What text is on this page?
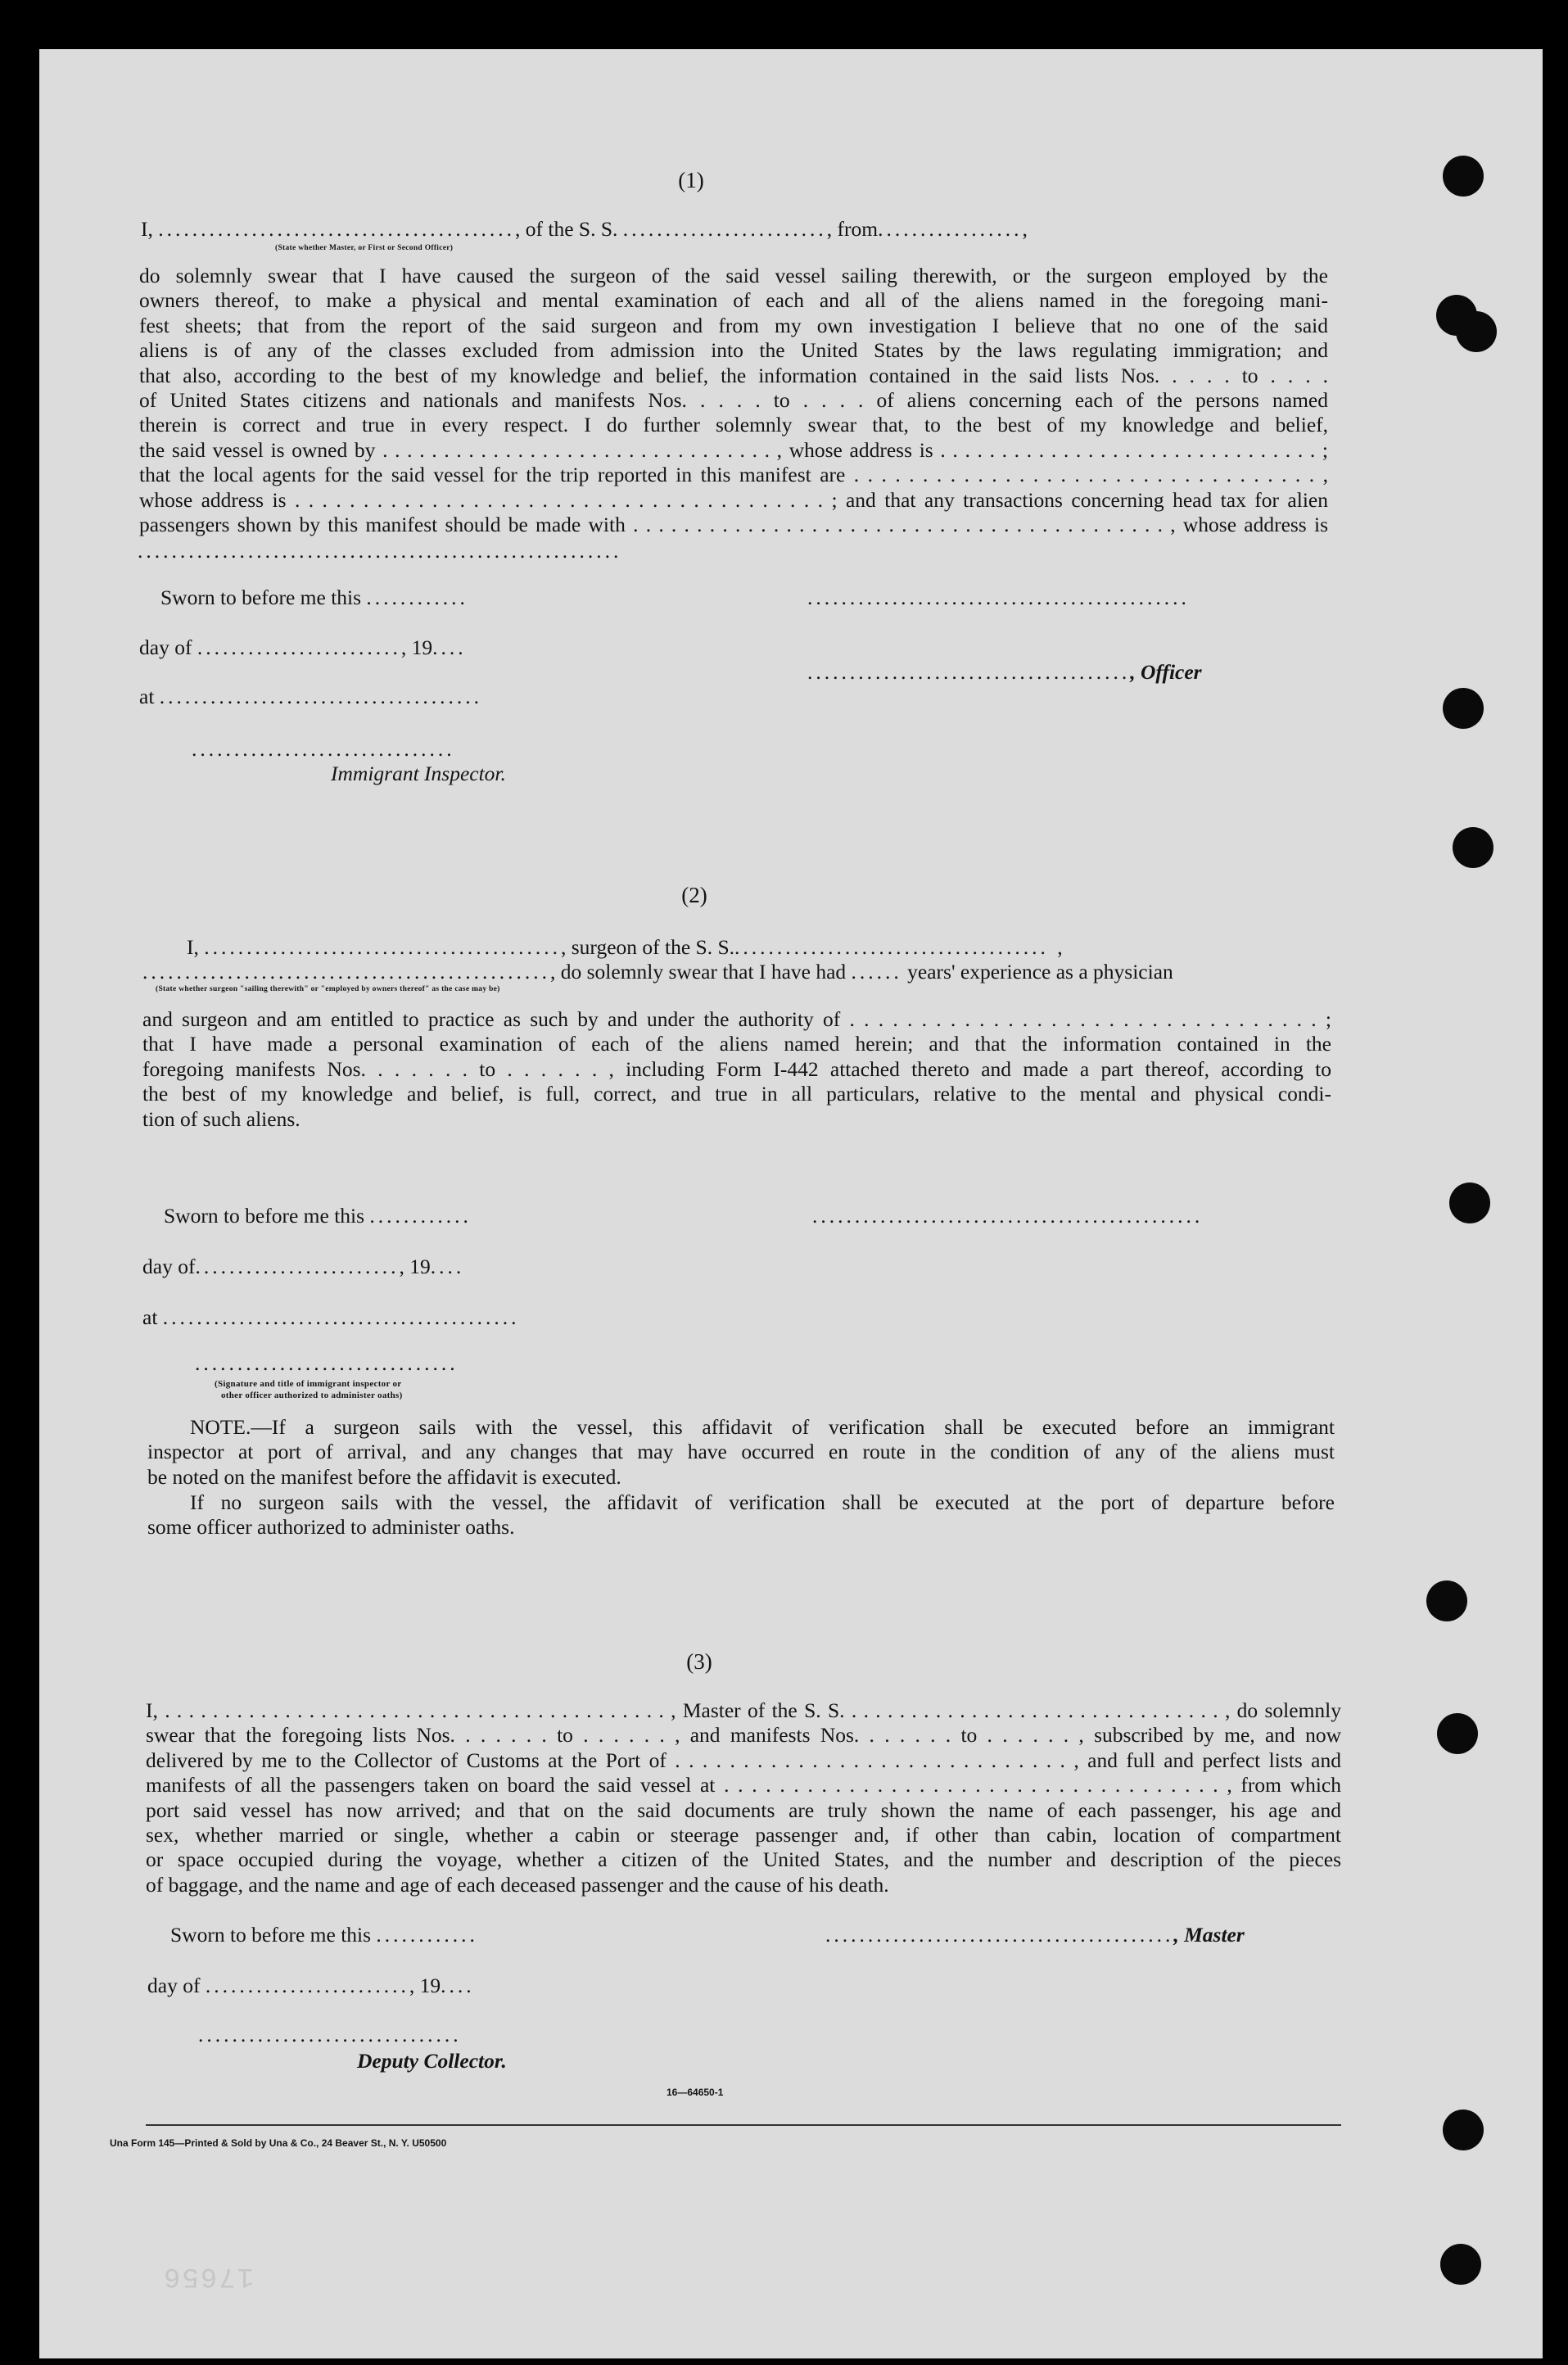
(1)
I, .........................................., of the S. S. ........................, from.................,
(State whether Master, or First or Second Officer)
do solemnly swear that I have caused the surgeon of the said vessel sailing therewith, or the surgeon employed by the
owners thereof, to make a physical and mental examination of each and all of the aliens named in the foregoing mani-
fest sheets; that from the report of the said surgeon and from my own investigation I believe that no one of the said
aliens is of any of the classes excluded from admission into the United States by the laws regulating immigration; and
that also, according to the best of my knowledge and belief, the information contained in the said lists Nos. . . . . to . . . .
of United States citizens and nationals and manifests Nos. . . . . to . . . . of aliens concerning each of the persons named
therein is correct and true in every respect. I do further solemnly swear that, to the best of my knowledge and belief,
the said vessel is owned by . . . . . . . . . . . . . . . . . . . . . . . . . . . . . . . . , whose address is . . . . . . . . . . . . . . . . . . . . . . . . . . . . . . . ;
that the local agents for the said vessel for the trip reported in this manifest are . . . . . . . . . . . . . . . . . . . . . . . . . . . . . . . . . . ,
whose address is . . . . . . . . . . . . . . . . . . . . . . . . . . . . . . . . . . . . . . . ; and that any transactions concerning head tax for alien
passengers shown by this manifest should be made with . . . . . . . . . . . . . . . . . . . . . . . . . . . . . . . . . . . . . . . . . . , whose address is
.........................................................
Sworn to before me this ............	.............................................
day of ........................, 19....
......................................, Officer
at ......................................
...............................
Immigrant Inspector.
(2)
I, .........................................., surgeon of the S. S...................................... ,
................................................, do solemnly swear that I have had ...... years' experience as a physician
(State whether surgeon "sailing therewith" or "employed by owners thereof" as the case may be)
and surgeon and am entitled to practice as such by and under the authority of . . . . . . . . . . . . . . . . . . . . . . . . . . . . . . . . . ;
that I have made a personal examination of each of the aliens named herein; and that the information contained in the
foregoing manifests Nos. . . . . . . to . . . . . . , including Form I-442 attached thereto and made a part thereof, according to
the best of my knowledge and belief, is full, correct, and true in all particulars, relative to the mental and physical condi-
tion of such aliens.
Sworn to before me this ............	..............................................
day of........................, 19....
at ..........................................
...............................
(Signature and title of immigrant inspector or
other officer authorized to administer oaths)
NOTE.—If a surgeon sails with the vessel, this affidavit of verification shall be executed before an immigrant
inspector at port of arrival, and any changes that may have occurred en route in the condition of any of the aliens must
be noted on the manifest before the affidavit is executed.
If no surgeon sails with the vessel, the affidavit of verification shall be executed at the port of departure before
some officer authorized to administer oaths.
(3)
I, . . . . . . . . . . . . . . . . . . . . . . . . . . . . . . . . . . . . . . . . . . , Master of the S. S. . . . . . . . . . . . . . . . . . . . . . . . . . . . . . . . , do solemnly
swear that the foregoing lists Nos. . . . . . . to . . . . . . , and manifests Nos. . . . . . . to . . . . . . , subscribed by me, and now
delivered by me to the Collector of Customs at the Port of . . . . . . . . . . . . . . . . . . . . . . . . . . . . . , and full and perfect lists and
manifests of all the passengers taken on board the said vessel at . . . . . . . . . . . . . . . . . . . . . . . . . . . . . . . . . . . . , from which
port said vessel has now arrived; and that on the said documents are truly shown the name of each passenger, his age and
sex, whether married or single, whether a cabin or steerage passenger and, if other than cabin, location of compartment
or space occupied during the voyage, whether a citizen of the United States, and the number and description of the pieces
of baggage, and the name and age of each deceased passenger and the cause of his death.
Sworn to before me this ............	........................................., Master
day of ........................, 19....
...............................
Deputy Collector.
16—64650-1
Una Form 145—Printed & Sold by Una & Co., 24 Beaver St., N. Y. U50500
17656
